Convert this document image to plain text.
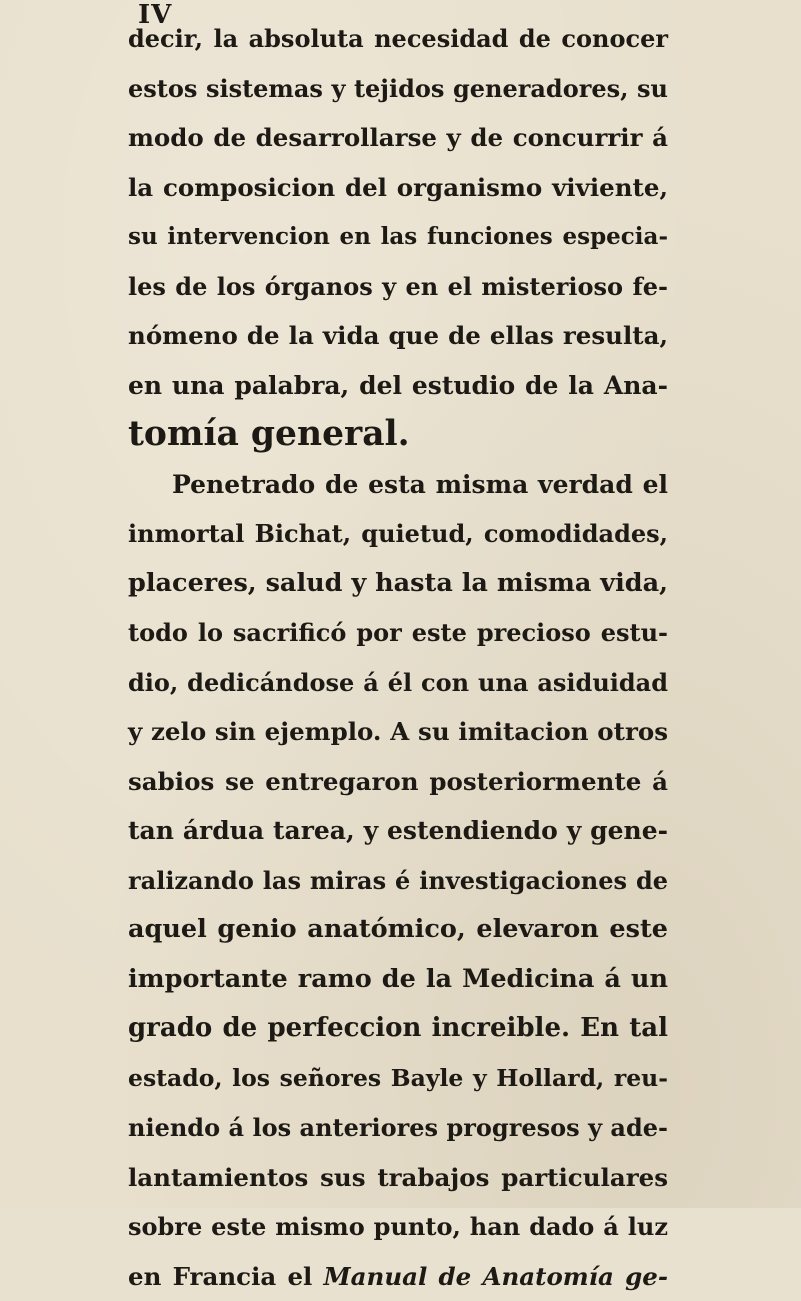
IV
decir, la absoluta necesidad de conocer
estos sistemas y tejidos generadores, su
modo de desarrollarse y de concurrir á
la composicion del organismo viviente,
su intervencion en las funciones especia-
les de los órganos y en el misterioso fe-
nómeno de la vida que de ellas resulta,
en una palabra, del estudio de la Ana-
tomía general.
Penetrado de esta misma verdad el
inmortal Bichat, quietud, comodidades,
placeres, salud y hasta la misma vida,
todo lo sacrificó por este precioso estu-
dio, dedicándose á él con una asiduidad
y zelo sin ejemplo. A su imitacion otros
sabios se entregaron posteriormente á
tan árdua tarea, y estendiendo y gene-
ralizando las miras é investigaciones de
aquel genio anatómico, elevaron este
importante ramo de la Medicina á un
grado de perfeccion increible. En tal
estado, los señores Bayle y Hollard, reu-
niendo á los anteriores progresos y ade-
lantamientos sus trabajos particulares
sobre este mismo punto, han dado á luz
en Francia el Manual de Anatomía ge-
